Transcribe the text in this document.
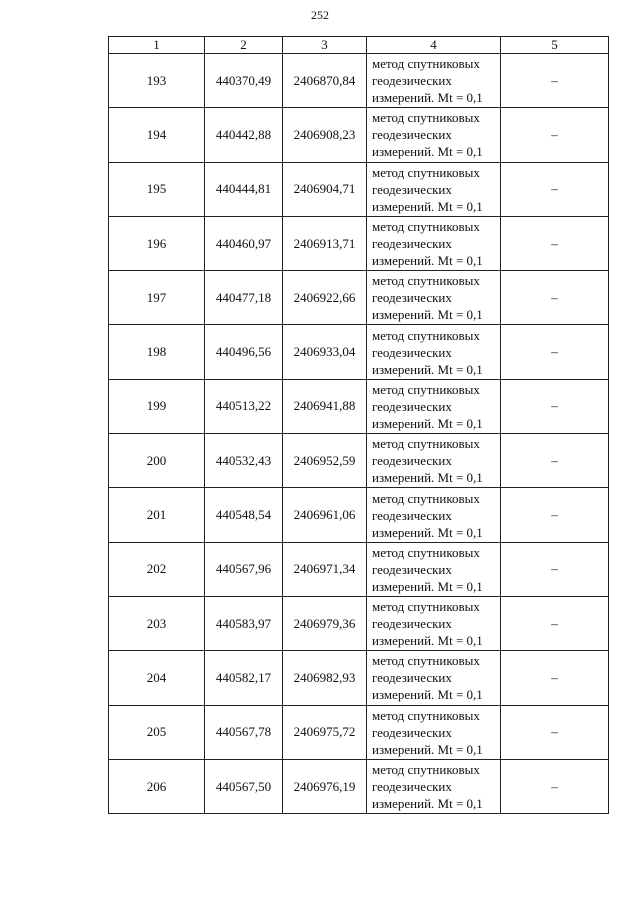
252
1	2	3	4	5
193	440370,49	2406870,84	метод спутниковых
геодезических
измерений. Mt = 0,1	–
194	440442,88	2406908,23	метод спутниковых
геодезических
измерений. Mt = 0,1	–
195	440444,81	2406904,71	метод спутниковых
геодезических
измерений. Mt = 0,1	–
196	440460,97	2406913,71	метод спутниковых
геодезических
измерений. Mt = 0,1	–
197	440477,18	2406922,66	метод спутниковых
геодезических
измерений. Mt = 0,1	–
198	440496,56	2406933,04	метод спутниковых
геодезических
измерений. Mt = 0,1	–
199	440513,22	2406941,88	метод спутниковых
геодезических
измерений. Mt = 0,1	–
200	440532,43	2406952,59	метод спутниковых
геодезических
измерений. Mt = 0,1	–
201	440548,54	2406961,06	метод спутниковых
геодезических
измерений. Mt = 0,1	–
202	440567,96	2406971,34	метод спутниковых
геодезических
измерений. Mt = 0,1	–
203	440583,97	2406979,36	метод спутниковых
геодезических
измерений. Mt = 0,1	–
204	440582,17	2406982,93	метод спутниковых
геодезических
измерений. Mt = 0,1	–
205	440567,78	2406975,72	метод спутниковых
геодезических
измерений. Mt = 0,1	–
206	440567,50	2406976,19	метод спутниковых
геодезических
измерений. Mt = 0,1	–
